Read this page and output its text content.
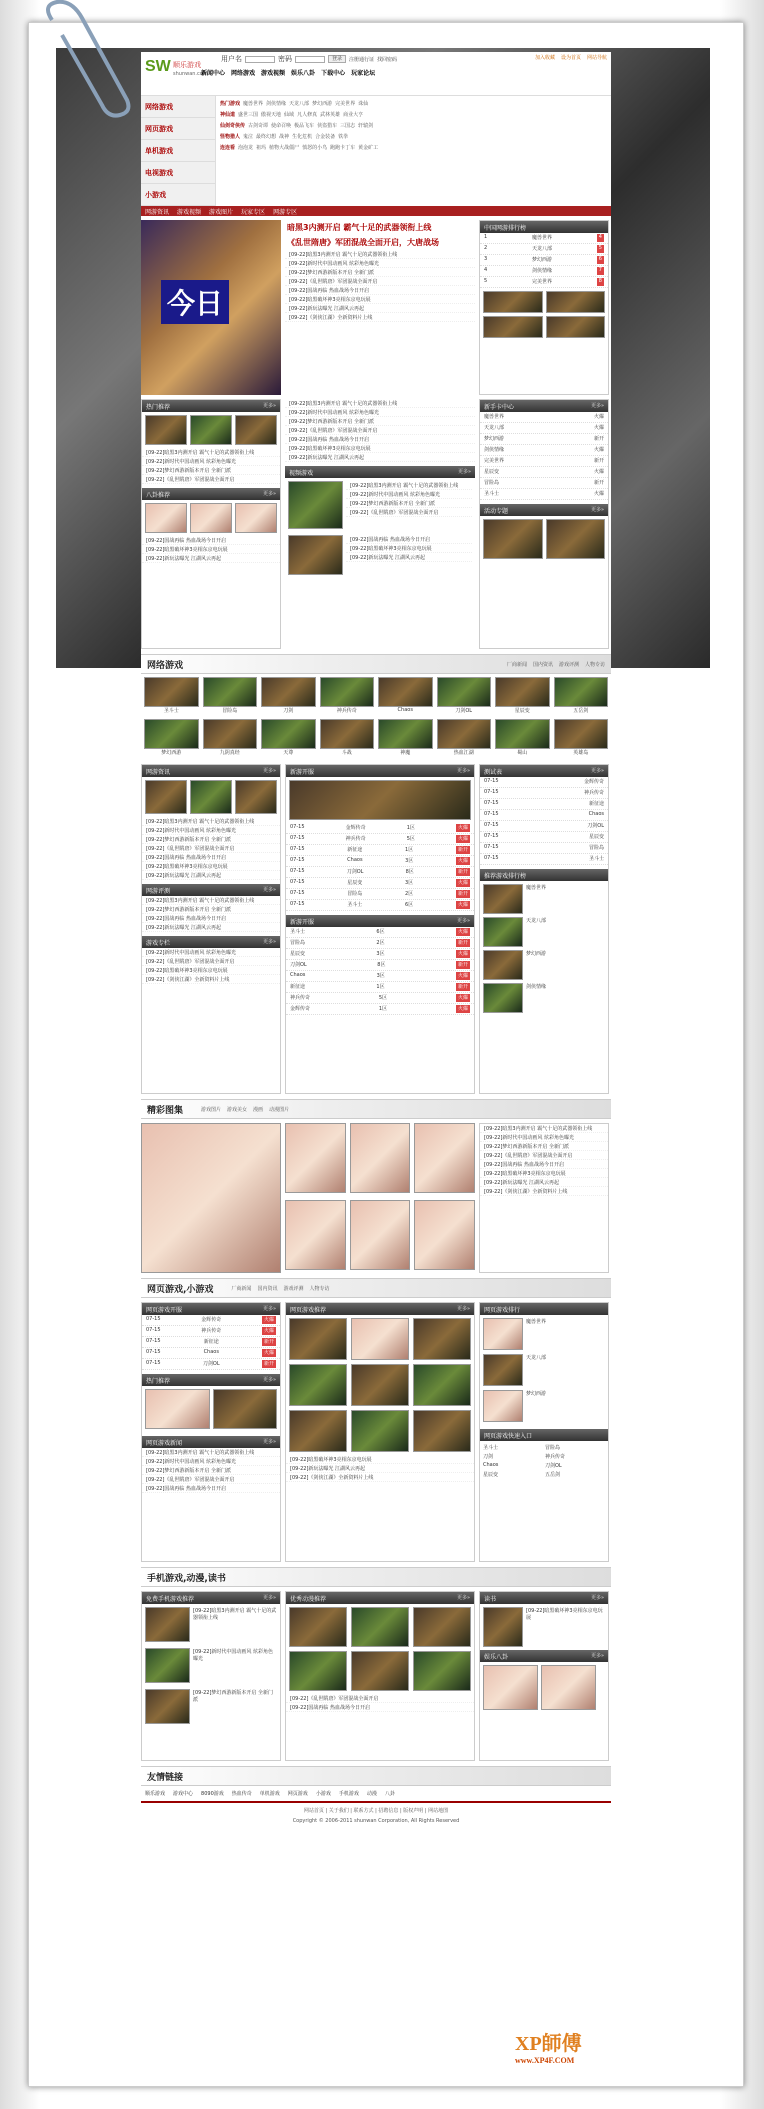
SW 顺乐游戏
shunwan.com
用户名	密码	登录	注册通行证 找回密码	加入收藏 设为首页 网站导航
新闻中心 网络游戏 游戏视频 娱乐八卦 下载中心 玩家论坛
网络游戏
网页游戏
单机游戏
电视游戏
小游戏
热门游戏 魔兽世界 剑侠情缘 天龙八部 梦幻西游 完美世界 诛仙
神仙道 盛世三国 傲视天地 仙域 凡人修真 武林英雄 商业大亨
仙剑奇侠传 古剑奇谭 使命召唤 极品飞车 侠盗猎车 三国志 轩辕剑
怪物猎人 鬼泣 最终幻想 战神 生化危机 合金装备 铁拳
连连看 泡泡龙 祖玛 植物大战僵尸 愤怒的小鸟 跑跑卡丁车 黄金矿工
网游资讯 游戏视频 游戏图片 玩家专区 网游专区
今日
暗黑3内测开启 霸气十足的武器领衔上线
《乱世隋唐》军团混战全面开启，大唐战场
[09-22]暗黑3内测开启 霸气十足的武器领衔上线
[09-22]新时代中国动画风 炫彩角色曝光
[09-22]梦幻西游新版本开启 全新门派
[09-22]《乱世隋唐》军团混战全面开启
[09-22]国战再临 热血战场今日开启
[09-22]暗黑破坏神3亮相东京电玩展
[09-22]新玩法曝光 江湖风云再起
[09-22]《剑侠江湖》全新资料片上线
中国网游排行榜
1	魔兽世界	4
2	天龙八部	5
3	梦幻西游	6
4	剑侠情缘	7
5	完美世界	8
热门推荐	更多»
[09-22]暗黑3内测开启 霸气十足的武器领衔上线
[09-22]新时代中国动画风 炫彩角色曝光
[09-22]梦幻西游新版本开启 全新门派
[09-22]《乱世隋唐》军团混战全面开启
八卦推荐	更多»
[09-22]国战再临 热血战场今日开启
[09-22]暗黑破坏神3亮相东京电玩展
[09-22]新玩法曝光 江湖风云再起
[09-22]暗黑3内测开启 霸气十足的武器领衔上线
[09-22]新时代中国动画风 炫彩角色曝光
[09-22]梦幻西游新版本开启 全新门派
[09-22]《乱世隋唐》军团混战全面开启
[09-22]国战再临 热血战场今日开启
[09-22]暗黑破坏神3亮相东京电玩展
[09-22]新玩法曝光 江湖风云再起
视频游戏	更多»
[09-22]暗黑3内测开启 霸气十足的武器领衔上线
[09-22]新时代中国动画风 炫彩角色曝光
[09-22]梦幻西游新版本开启 全新门派
[09-22]《乱世隋唐》军团混战全面开启
[09-22]国战再临 热血战场今日开启
[09-22]暗黑破坏神3亮相东京电玩展
[09-22]新玩法曝光 江湖风云再起
新手卡中心	更多»
魔兽世界	火爆
天龙八部	火爆
梦幻西游	新开
剑侠情缘	火爆
完美世界	新开
星辰变	火爆
冒险岛	新开
圣斗士	火爆
活动专题	更多»
网络游戏	厂商新闻 国内资讯 游戏评测 人物专访
圣斗士	冒险岛	刀剑	神兵传奇	Chaos	刀剑OL	星辰变	五岳剑
梦幻西游	九阴真经	天尊	斗战	神魔	热血江湖	蜀山	英雄岛
网游资讯	更多»
[09-22]暗黑3内测开启 霸气十足的武器领衔上线
[09-22]新时代中国动画风 炫彩角色曝光
[09-22]梦幻西游新版本开启 全新门派
[09-22]《乱世隋唐》军团混战全面开启
[09-22]国战再临 热血战场今日开启
[09-22]暗黑破坏神3亮相东京电玩展
[09-22]新玩法曝光 江湖风云再起
网游评测	更多»
[09-22]暗黑3内测开启 霸气十足的武器领衔上线
[09-22]梦幻西游新版本开启 全新门派
[09-22]国战再临 热血战场今日开启
[09-22]新玩法曝光 江湖风云再起
游戏专栏	更多»
[09-22]新时代中国动画风 炫彩角色曝光
[09-22]《乱世隋唐》军团混战全面开启
[09-22]暗黑破坏神3亮相东京电玩展
[09-22]《剑侠江湖》全新资料片上线
新游开服	更多»
07-15	金辉传奇	1区	火爆
07-15	神兵传奇	5区	火爆
07-15	新征途	1区	新开
07-15	Chaos	3区	火爆
07-15	刀剑OL	8区	新开
07-15	星辰变	3区	火爆
07-15	冒险岛	2区	新开
07-15	圣斗士	6区	火爆
新游开服	更多»
圣斗士	6区	火爆
冒险岛	2区	新开
星辰变	3区	火爆
刀剑OL	8区	新开
Chaos	3区	火爆
新征途	1区	新开
神兵传奇	5区	火爆
金辉传奇	1区	火爆
测试表	更多»
07-15	金辉传奇
07-15	神兵传奇
07-15	新征途
07-15	Chaos
07-15	刀剑OL
07-15	星辰变
07-15	冒险岛
07-15	圣斗士
推荐游戏排行榜
魔兽世界
天龙八部
梦幻西游
剑侠情缘
精彩图集	游戏图片 游戏美女 漫画 动漫图片
[09-22]暗黑3内测开启 霸气十足的武器领衔上线
[09-22]新时代中国动画风 炫彩角色曝光
[09-22]梦幻西游新版本开启 全新门派
[09-22]《乱世隋唐》军团混战全面开启
[09-22]国战再临 热血战场今日开启
[09-22]暗黑破坏神3亮相东京电玩展
[09-22]新玩法曝光 江湖风云再起
[09-22]《剑侠江湖》全新资料片上线
网页游戏,小游戏	厂商新闻 国内资讯 游戏评测 人物专访
网页游戏开服	更多»
07-15	金辉传奇	火爆
07-15	神兵传奇	火爆
07-15	新征途	新开
07-15	Chaos	火爆
07-15	刀剑OL	新开
热门推荐	更多»
网页游戏新闻	更多»
[09-22]暗黑3内测开启 霸气十足的武器领衔上线
[09-22]新时代中国动画风 炫彩角色曝光
[09-22]梦幻西游新版本开启 全新门派
[09-22]《乱世隋唐》军团混战全面开启
[09-22]国战再临 热血战场今日开启
网页游戏推荐	更多»
[09-22]暗黑破坏神3亮相东京电玩展
[09-22]新玩法曝光 江湖风云再起
[09-22]《剑侠江湖》全新资料片上线
网页游戏排行
魔兽世界
天龙八部
梦幻西游
网页游戏快速入口
圣斗士	冒险岛
刀剑	神兵传奇
Chaos	刀剑OL
星辰变	五岳剑
手机游戏,动漫,读书
免费手机游戏推荐	更多»
[09-22]暗黑3内测开启 霸气十足的武器领衔上线
[09-22]新时代中国动画风 炫彩角色曝光
[09-22]梦幻西游新版本开启 全新门派
优秀动漫推荐	更多»
[09-22]《乱世隋唐》军团混战全面开启
[09-22]国战再临 热血战场今日开启
读书	更多»
[09-22]暗黑破坏神3亮相东京电玩展
娱乐八卦	更多»
友情链接
顺乐游戏 游戏中心 8090游戏 热血传奇 单机游戏 网页游戏 小游戏 手机游戏 动漫 八卦
网站首页 | 关于我们 | 联系方式 | 招聘信息 | 版权声明 | 网站地图
Copyright © 2006-2011 shunwan Corporation, All Rights Reserved
XP師傅
www.XP4F.COM
